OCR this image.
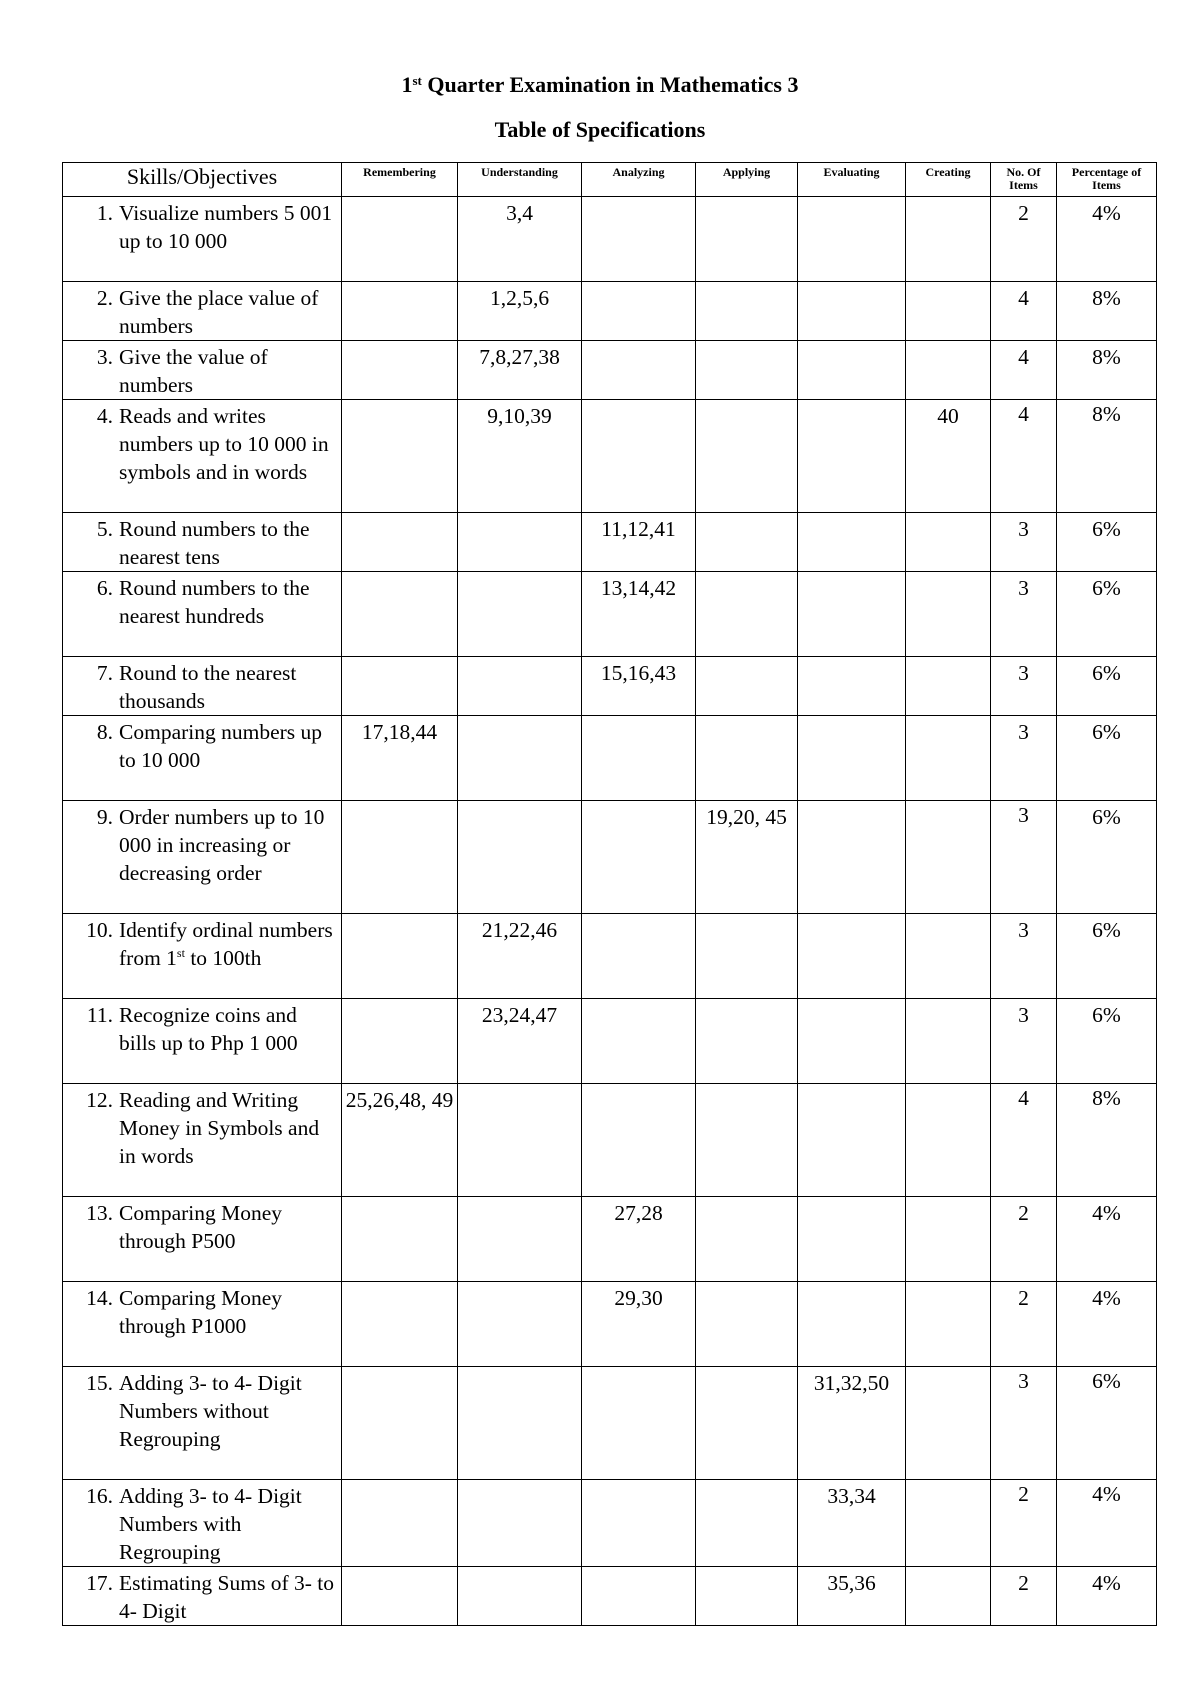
1st Quarter Examination in Mathematics 3
Table of Specifications
Skills/Objectives	Remembering	Understanding	Analyzing	Applying	Evaluating	Creating	No. Of Items	Percentage of Items

1. Visualize numbers 5 001 up to 10 000		3,4					2	4%

2. Give the place value of numbers		1,2,5,6					4	8%

3. Give the value of numbers		7,8,27,38					4	8%

4. Reads and writes numbers up to 10 000 in symbols and in words		9,10,39				40	4	8%

5. Round numbers to the nearest tens			11,12,41				3	6%

6. Round numbers to the nearest hundreds			13,14,42				3	6%

7. Round to the nearest thousands			15,16,43				3	6%

8. Comparing numbers up to 10 000	17,18,44						3	6%

9. Order numbers up to 10 000 in increasing or decreasing order				19,20, 45			3	6%

10. Identify ordinal numbers from 1st to 100th		21,22,46					3	6%

11. Recognize coins and bills up to Php 1 000		23,24,47					3	6%

12. Reading and Writing Money in Symbols and in words	25,26,48, 49						4	8%

13. Comparing Money through P500			27,28				2	4%

14. Comparing Money through P1000			29,30				2	4%

15. Adding 3- to 4- Digit Numbers without Regrouping					31,32,50		3	6%

16. Adding 3- to 4- Digit Numbers with Regrouping					33,34		2	4%

17. Estimating Sums of 3- to 4- Digit					35,36		2	4%
